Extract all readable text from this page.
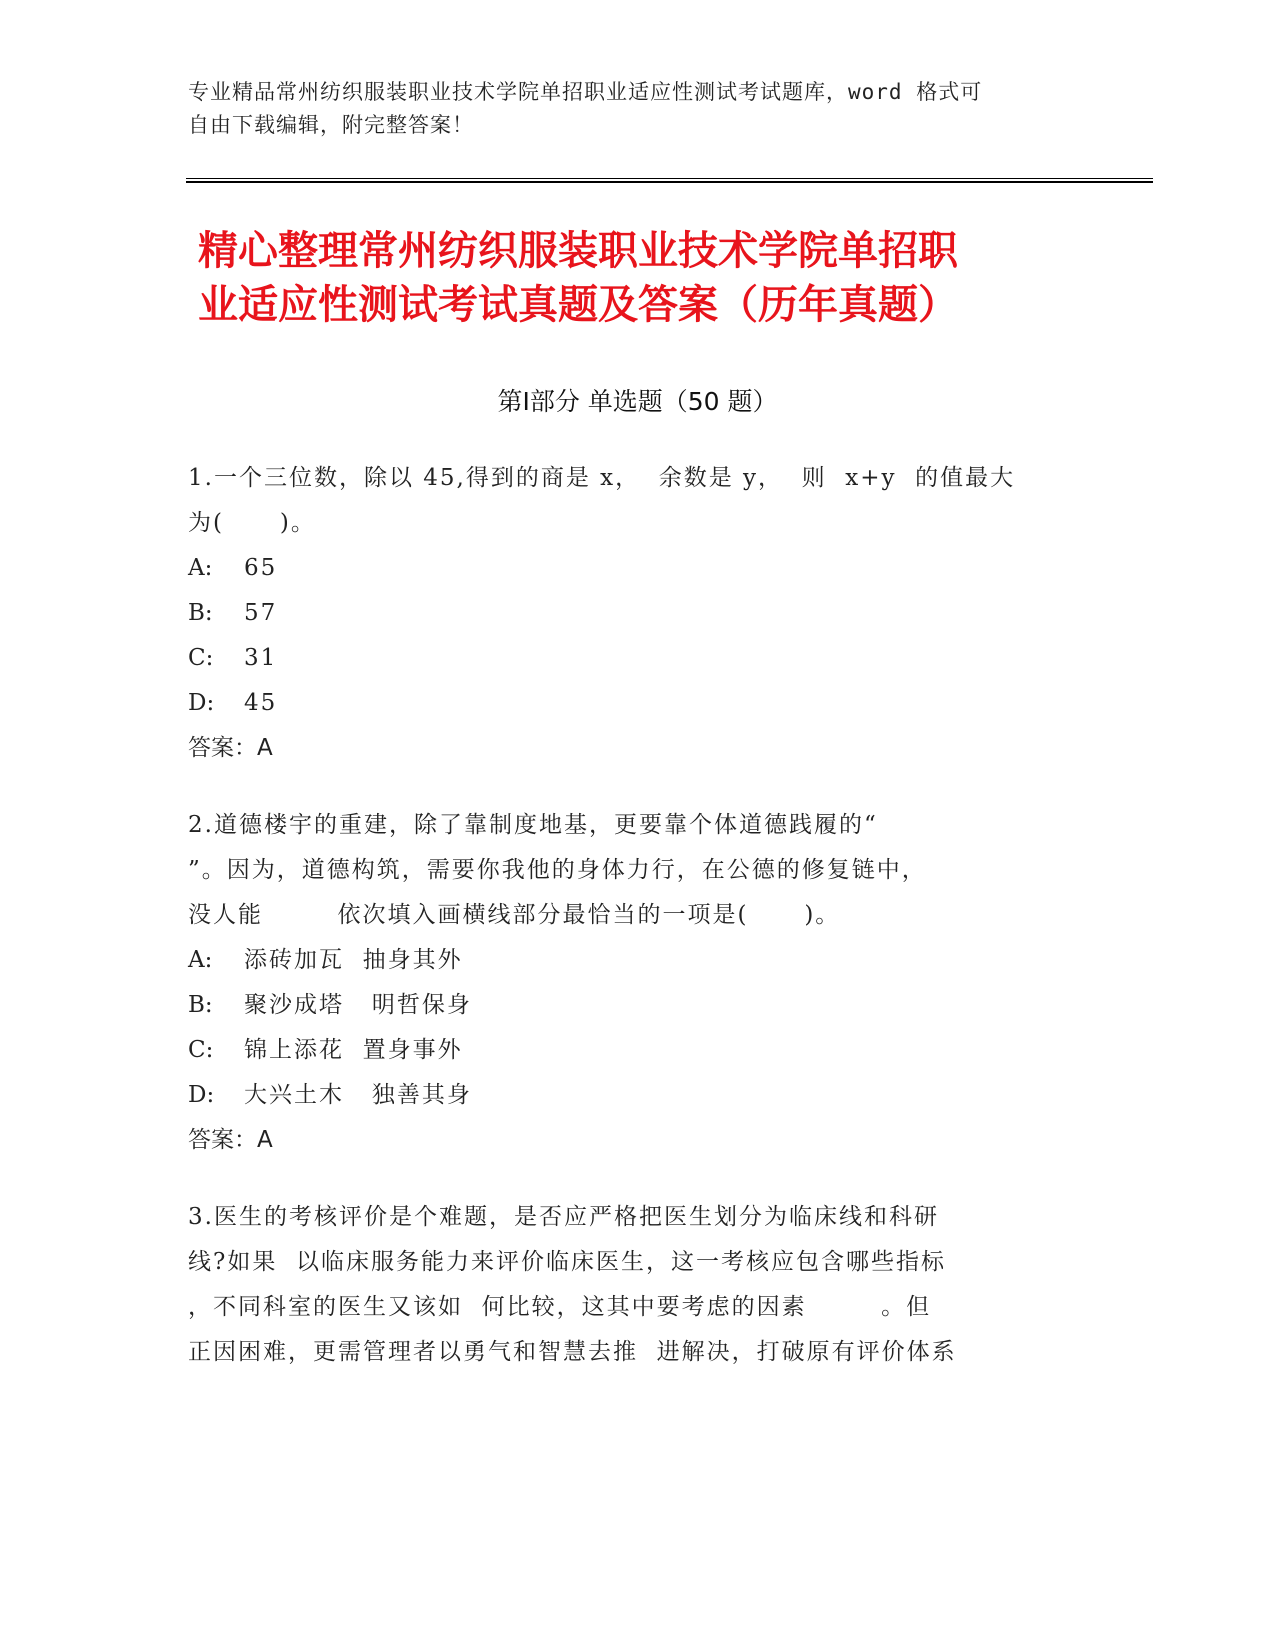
专业精品常州纺织服装职业技术学院单招职业适应性测试考试题库，word 格式可
自由下载编辑，附完整答案！
精心整理常州纺织服装职业技术学院单招职
业适应性测试考试真题及答案（历年真题）
第Ⅰ部分 单选题（50 题）
1.一个三位数，除以 45,得到的商是 x，  余数是 y，  则  x+y  的值最大
为(      )。
A:	65
B:	57
C:	31
D:	45
答案：A
2.道德楼宇的重建，除了靠制度地基，更要靠个体道德践履的“
”。因为，道德构筑，需要你我他的身体力行，在公德的修复链中，
没人能        依次填入画横线部分最恰当的一项是(      )。
A:	添砖加瓦  抽身其外
B:	聚沙成塔   明哲保身
C:	锦上添花  置身事外
D:	大兴土木   独善其身
答案：A
3.医生的考核评价是个难题，是否应严格把医生划分为临床线和科研
线?如果  以临床服务能力来评价临床医生，这一考核应包含哪些指标
，不同科室的医生又该如  何比较，这其中要考虑的因素        。但
正因困难，更需管理者以勇气和智慧去推  进解决，打破原有评价体系
